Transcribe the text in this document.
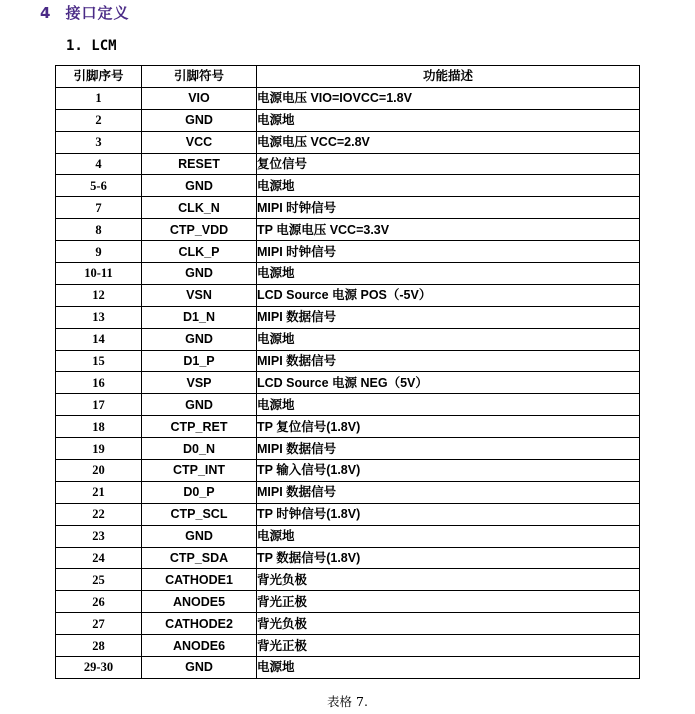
4 接口定义
1. LCM
引脚序号	引脚符号	功能描述
1	VIO	电源电压 VIO=IOVCC=1.8V
2	GND	电源地
3	VCC	电源电压 VCC=2.8V
4	RESET	复位信号
5-6	GND	电源地
7	CLK_N	MIPI 时钟信号
8	CTP_VDD	TP 电源电压 VCC=3.3V
9	CLK_P	MIPI 时钟信号
10-11	GND	电源地
12	VSN	LCD Source 电源 POS（-5V）
13	D1_N	MIPI 数据信号
14	GND	电源地
15	D1_P	MIPI 数据信号
16	VSP	LCD Source 电源 NEG（5V）
17	GND	电源地
18	CTP_RET	TP 复位信号(1.8V)
19	D0_N	MIPI 数据信号
20	CTP_INT	TP 输入信号(1.8V)
21	D0_P	MIPI 数据信号
22	CTP_SCL	TP 时钟信号(1.8V)
23	GND	电源地
24	CTP_SDA	TP 数据信号(1.8V)
25	CATHODE1	背光负极
26	ANODE5	背光正极
27	CATHODE2	背光负极
28	ANODE6	背光正极
29-30	GND	电源地
表格 7.
